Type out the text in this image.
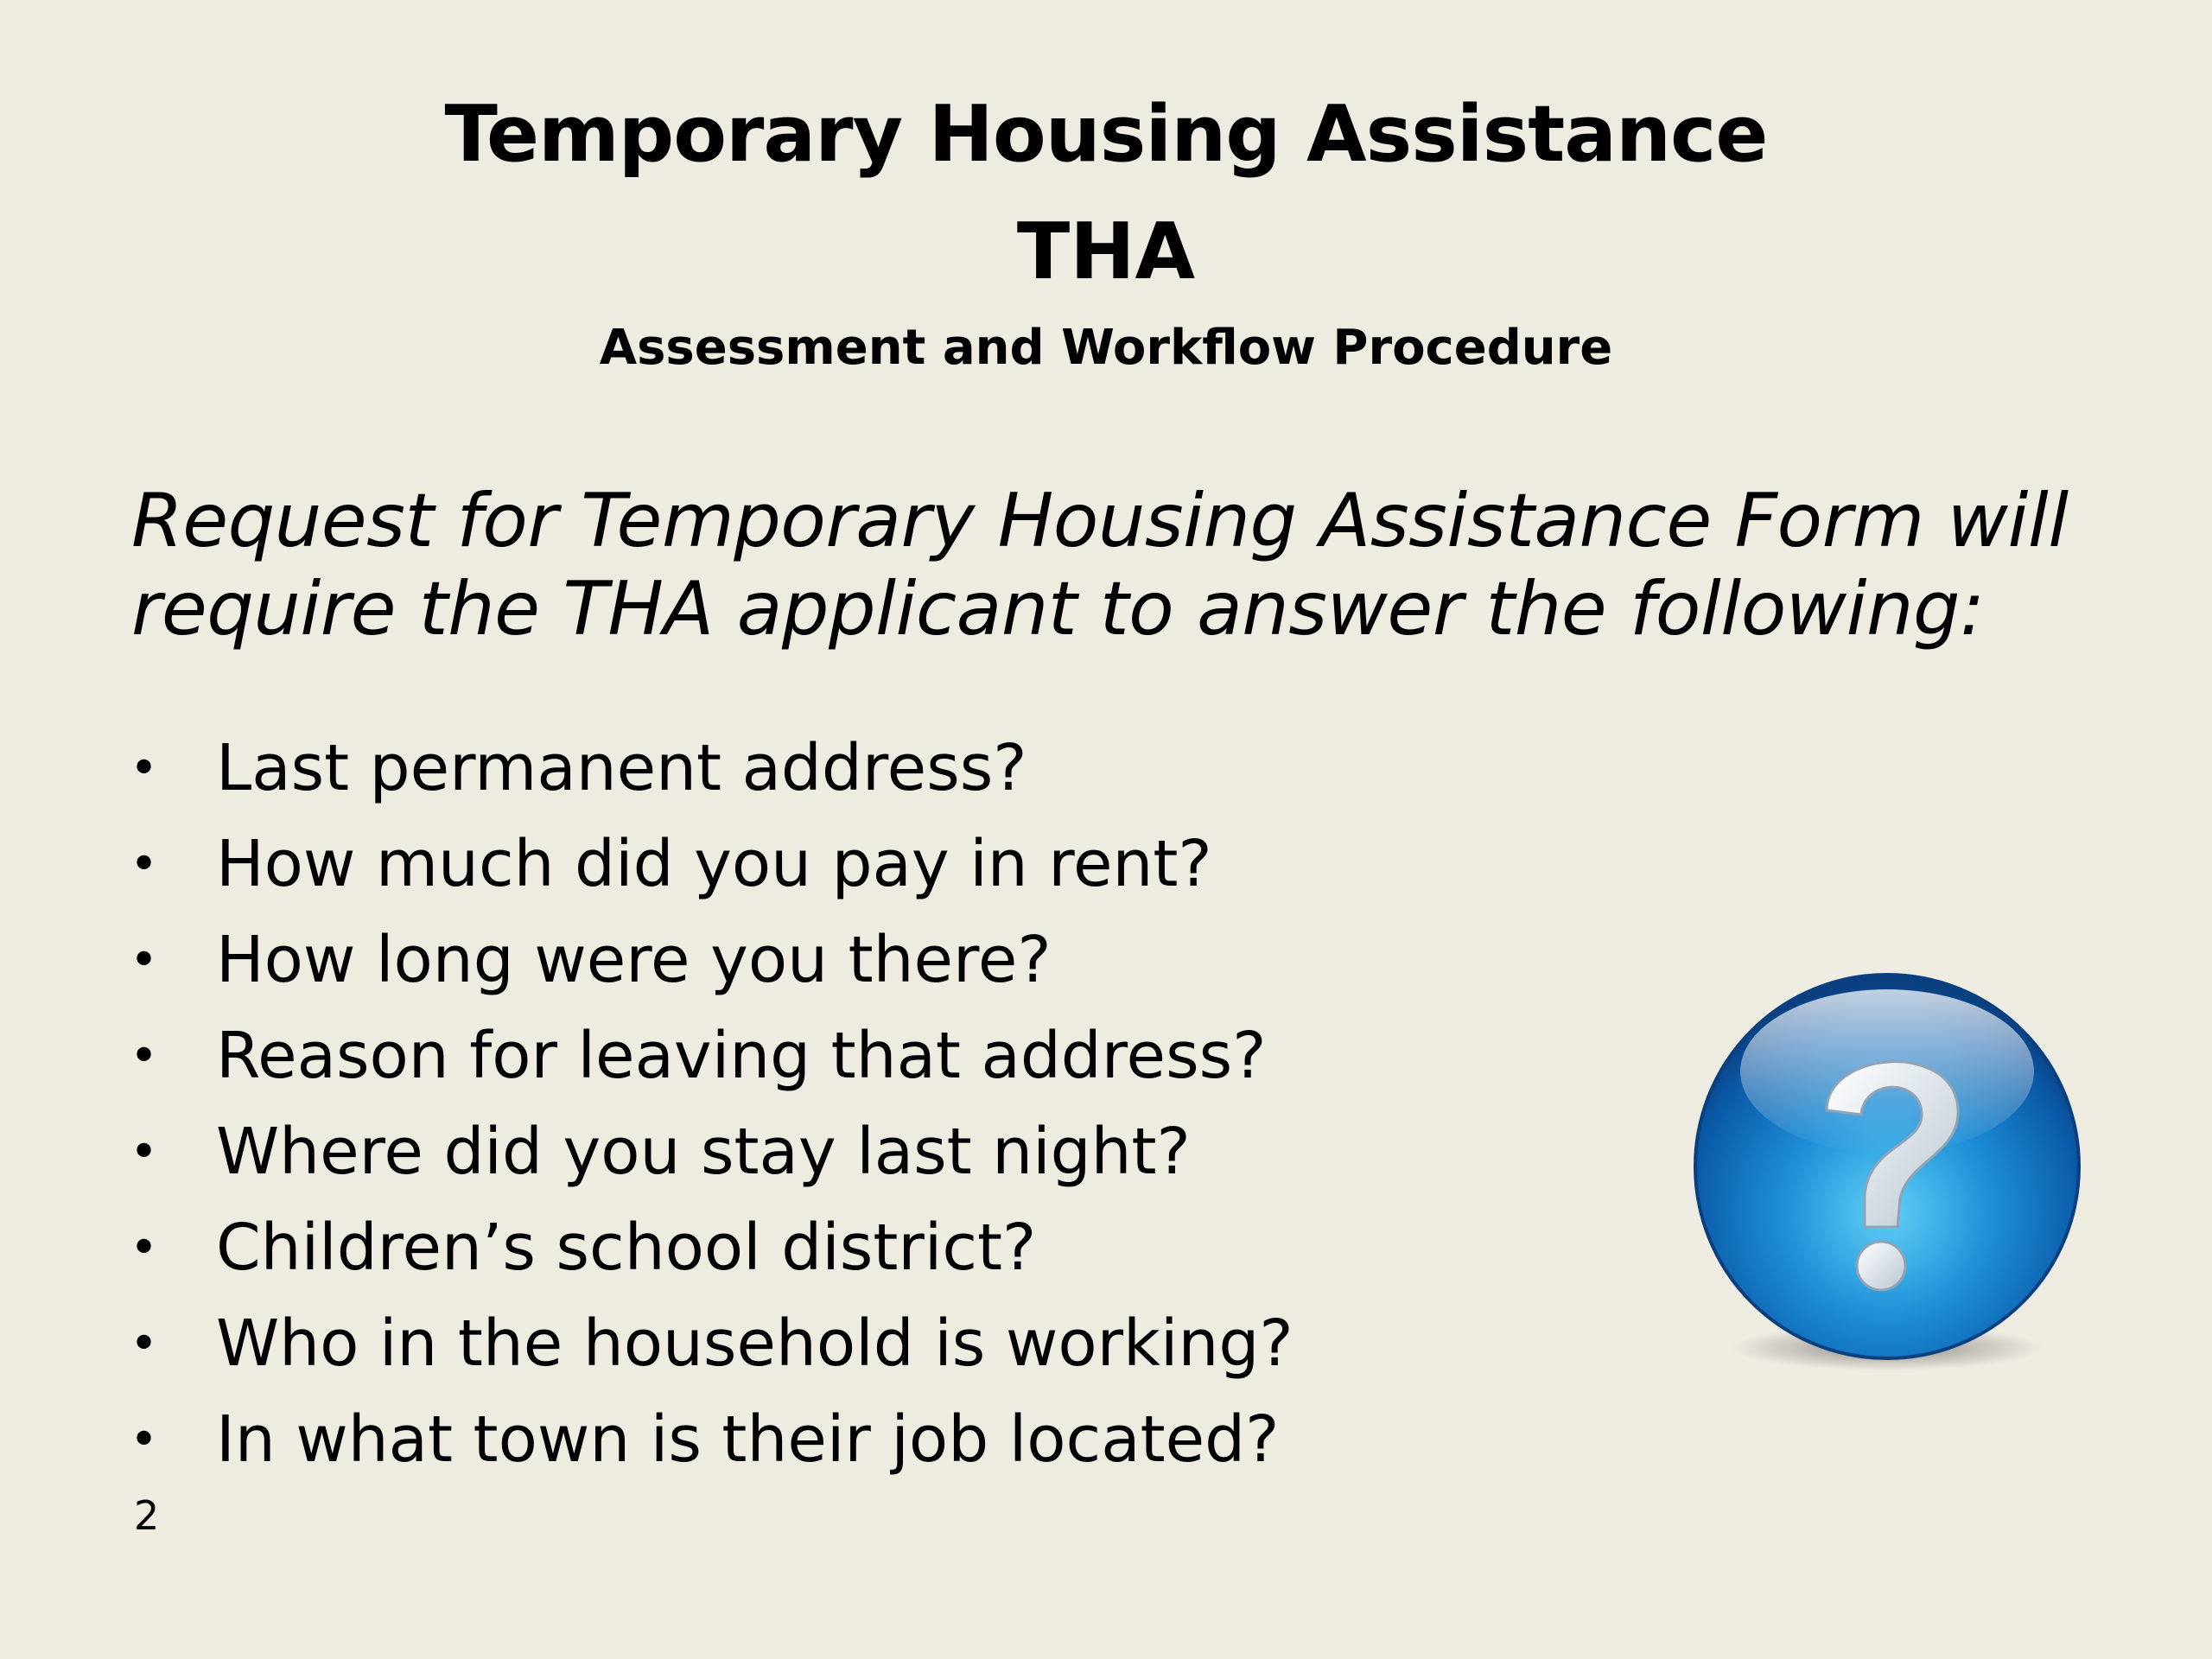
Temporary Housing Assistance

THA

Assessment and Workflow Procedure

Request for Temporary Housing Assistance Form will
require the THA applicant to answer the following:
• Last permanent address?
• How much did you pay in rent?
• How long were you there?
• Reason for leaving that address?
• Where did you stay last night?
• Children’s school district?
• Who in the household is working?
• In what town is their job located?
2
